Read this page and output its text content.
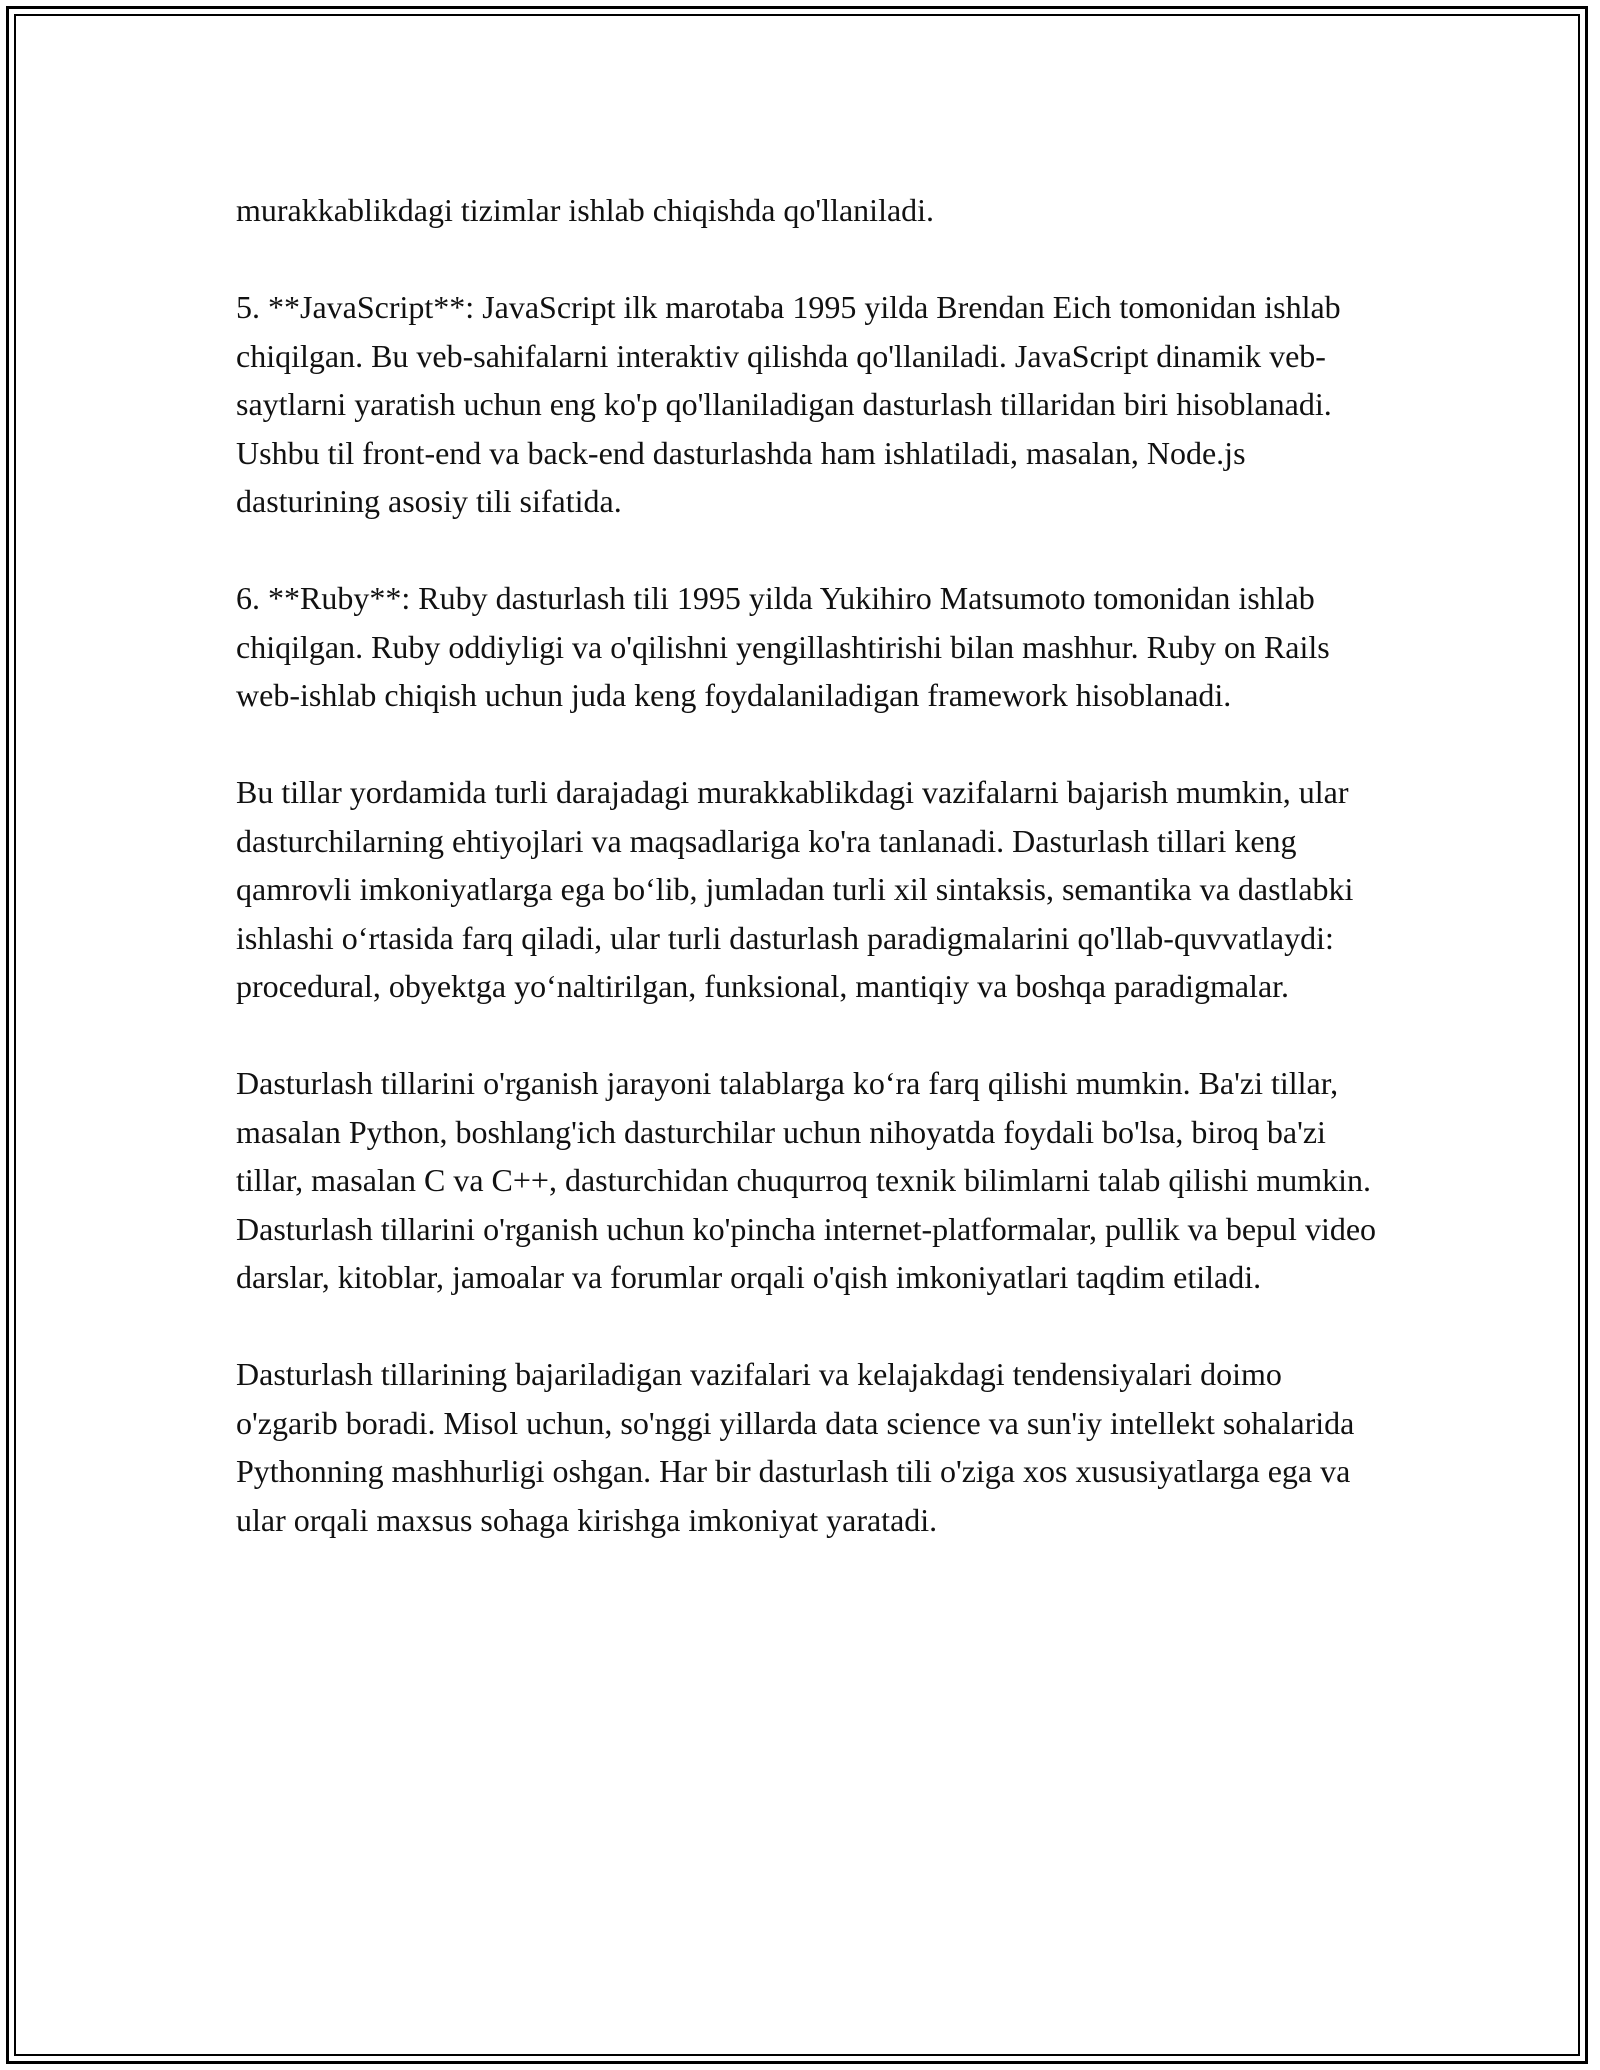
murakkablikdagi tizimlar ishlab chiqishda qo'llaniladi.

5. **JavaScript**: JavaScript ilk marotaba 1995 yilda Brendan Eich tomonidan ishlab chiqilgan. Bu veb-sahifalarni interaktiv qilishda qo'llaniladi. JavaScript dinamik veb-saytlarni yaratish uchun eng ko'p qo'llaniladigan dasturlash tillaridan biri hisoblanadi. Ushbu til front-end va back-end dasturlashda ham ishlatiladi, masalan, Node.js dasturining asosiy tili sifatida.

6. **Ruby**: Ruby dasturlash tili 1995 yilda Yukihiro Matsumoto tomonidan ishlab chiqilgan. Ruby oddiyligi va o'qilishni yengillashtirishi bilan mashhur. Ruby on Rails web-ishlab chiqish uchun juda keng foydalaniladigan framework hisoblanadi.

Bu tillar yordamida turli darajadagi murakkablikdagi vazifalarni bajarish mumkin, ular dasturchilarning ehtiyojlari va maqsadlariga ko'ra tanlanadi. Dasturlash tillari keng qamrovli imkoniyatlarga ega bo‘lib, jumladan turli xil sintaksis, semantika va dastlabki ishlashi o‘rtasida farq qiladi, ular turli dasturlash paradigmalarini qo'llab-quvvatlaydi: procedural, obyektga yo‘naltirilgan, funksional, mantiqiy va boshqa paradigmalar.

Dasturlash tillarini o'rganish jarayoni talablarga ko‘ra farq qilishi mumkin. Ba'zi tillar, masalan Python, boshlang'ich dasturchilar uchun nihoyatda foydali bo'lsa, biroq ba'zi tillar, masalan C va C++, dasturchidan chuqurroq texnik bilimlarni talab qilishi mumkin. Dasturlash tillarini o'rganish uchun ko'pincha internet-platformalar, pullik va bepul video darslar, kitoblar, jamoalar va forumlar orqali o'qish imkoniyatlari taqdim etiladi.

Dasturlash tillarining bajariladigan vazifalari va kelajakdagi tendensiyalari doimo o'zgarib boradi. Misol uchun, so'nggi yillarda data science va sun'iy intellekt sohalarida Pythonning mashhurligi oshgan. Har bir dasturlash tili o'ziga xos xususiyatlarga ega va ular orqali maxsus sohaga kirishga imkoniyat yaratadi.
